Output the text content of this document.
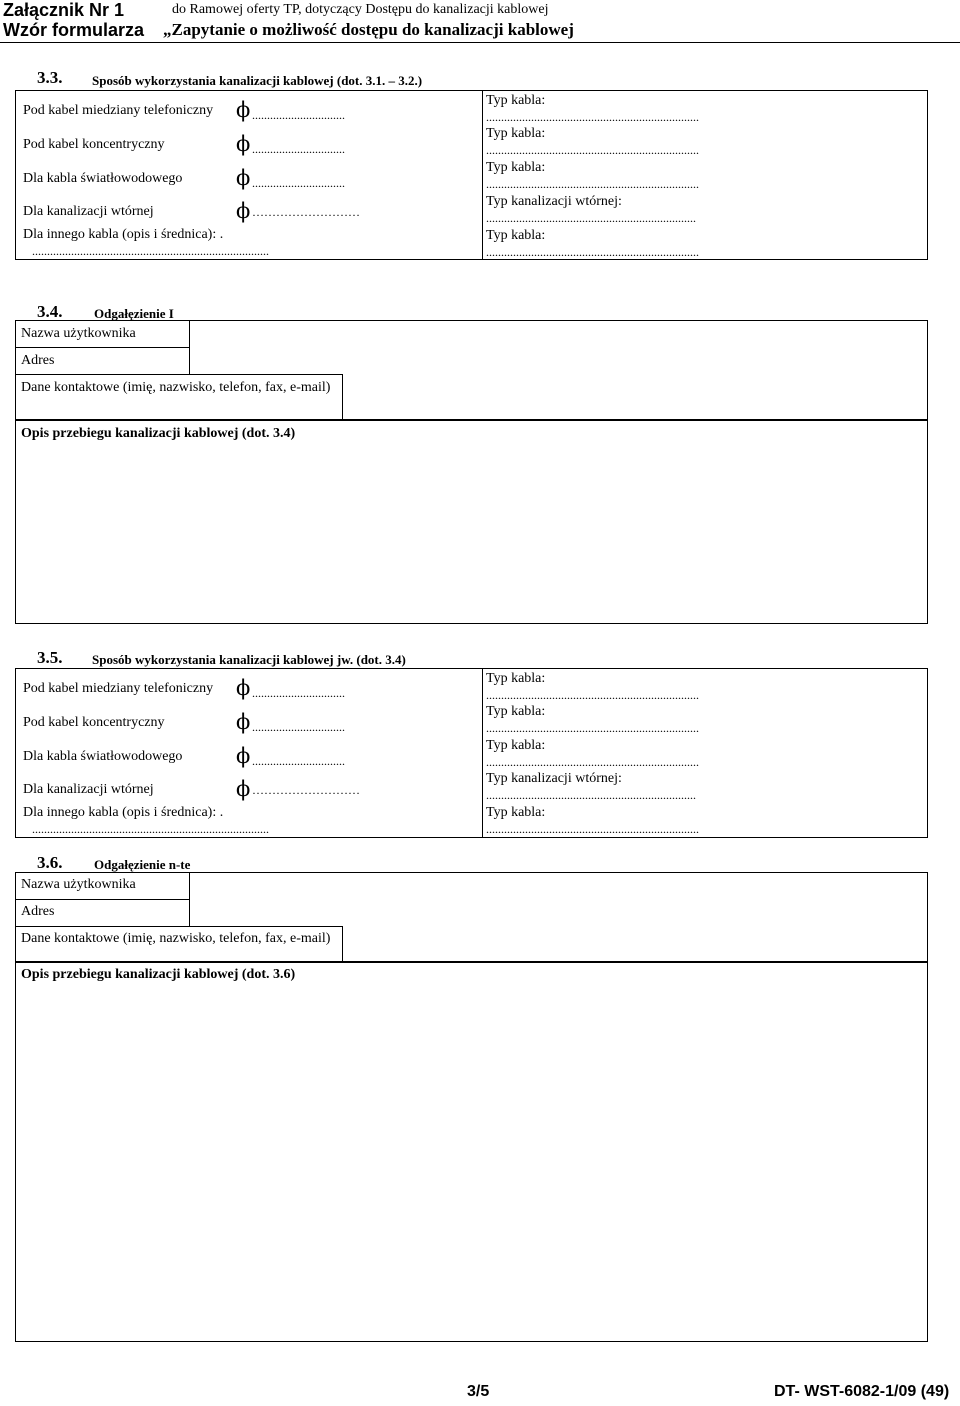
Załącznik Nr 1
Wzór formularza
do Ramowej oferty TP, dotyczący Dostępu do kanalizacji kablowej
„Zapytanie o możliwość dostępu do kanalizacji kablowej
3.3. Sposób wykorzystania kanalizacji kablowej (dot. 3.1. – 3.2.)
Pod kabel miedziany telefoniczny ϕ ...............................
Typ kabla:
.......................................................................
Pod kabel koncentryczny	ϕ ...............................
Typ kabla:
.......................................................................
Dla kabla światłowodowego	ϕ ...............................
Typ kabla:
.......................................................................
Dla kanalizacji wtórnej	ϕ ………………………
Typ kanalizacji wtórnej:
......................................................................
Dla innego kabla (opis i średnica): .
...............................................................................
Typ kabla:
.......................................................................
3.4. Odgałęzienie I
Nazwa użytkownika
Adres
Dane kontaktowe (imię, nazwisko, telefon, fax, e-mail)
Opis przebiegu kanalizacji kablowej (dot. 3.4)
3.5. Sposób wykorzystania kanalizacji kablowej jw. (dot. 3.4)
Pod kabel miedziany telefoniczny ϕ ...............................
Typ kabla:
.......................................................................
Pod kabel koncentryczny	ϕ ...............................
Typ kabla:
.......................................................................
Dla kabla światłowodowego	ϕ ...............................
Typ kabla:
.......................................................................
Dla kanalizacji wtórnej	ϕ ………………………
Typ kanalizacji wtórnej:
......................................................................
Dla innego kabla (opis i średnica): .
...............................................................................
Typ kabla:
.......................................................................
3.6. Odgałęzienie n-te
Nazwa użytkownika
Adres
Dane kontaktowe (imię, nazwisko, telefon, fax, e-mail)
Opis przebiegu kanalizacji kablowej (dot. 3.6)
3/5	DT- WST-6082-1/09 (49)
